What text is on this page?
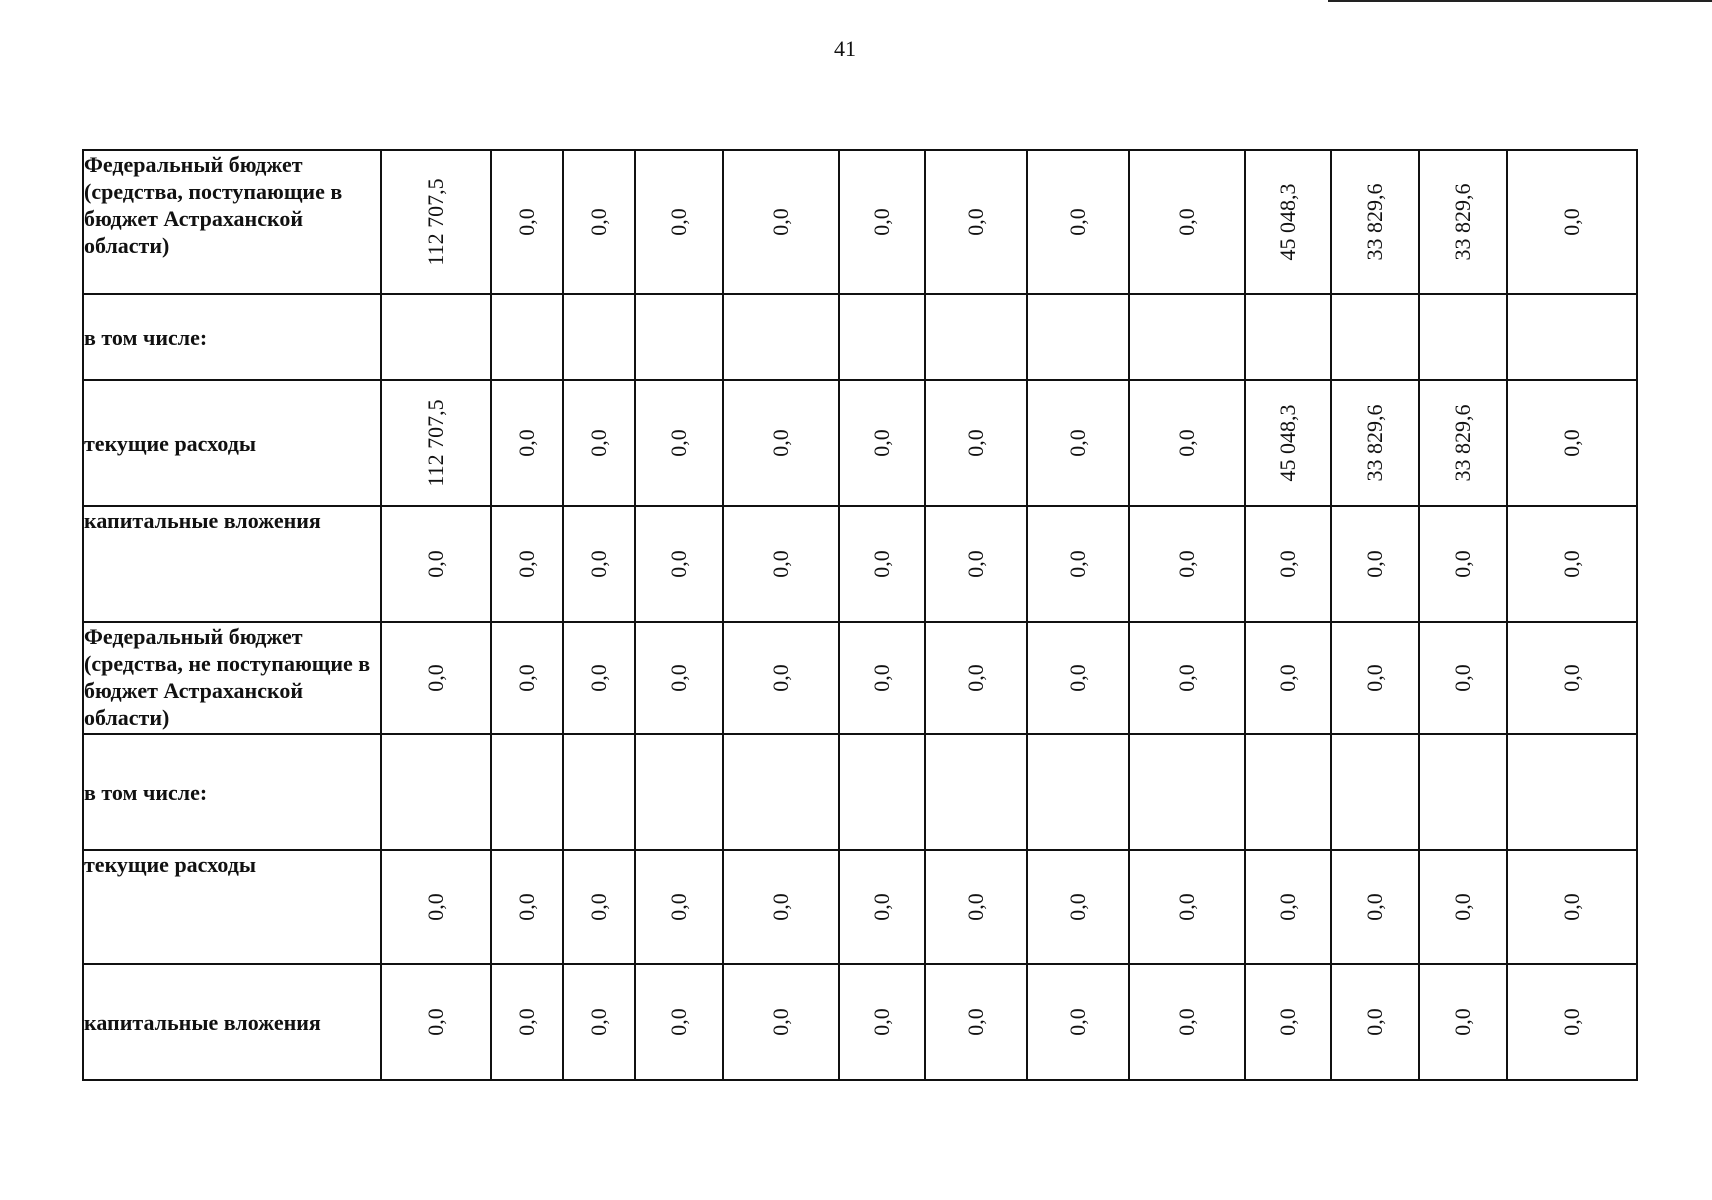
41
Федеральный бюджет (средства, поступающие в бюджет Астраханской области)	112 707,5	0,0	0,0	0,0	0,0	0,0	0,0	0,0	0,0	45 048,3	33 829,6	33 829,6	0,0

в том числе:	

текущие расходы	112 707,5	0,0	0,0	0,0	0,0	0,0	0,0	0,0	0,0	45 048,3	33 829,6	33 829,6	0,0

капитальные вложения	0,0	0,0	0,0	0,0	0,0	0,0	0,0	0,0	0,0	0,0	0,0	0,0	0,0

Федеральный бюджет (средства, не поступающие в бюджет Астраханской области)	0,0	0,0	0,0	0,0	0,0	0,0	0,0	0,0	0,0	0,0	0,0	0,0	0,0

в том числе:	

текущие расходы	0,0	0,0	0,0	0,0	0,0	0,0	0,0	0,0	0,0	0,0	0,0	0,0	0,0

капитальные вложения	0,0	0,0	0,0	0,0	0,0	0,0	0,0	0,0	0,0	0,0	0,0	0,0	0,0
